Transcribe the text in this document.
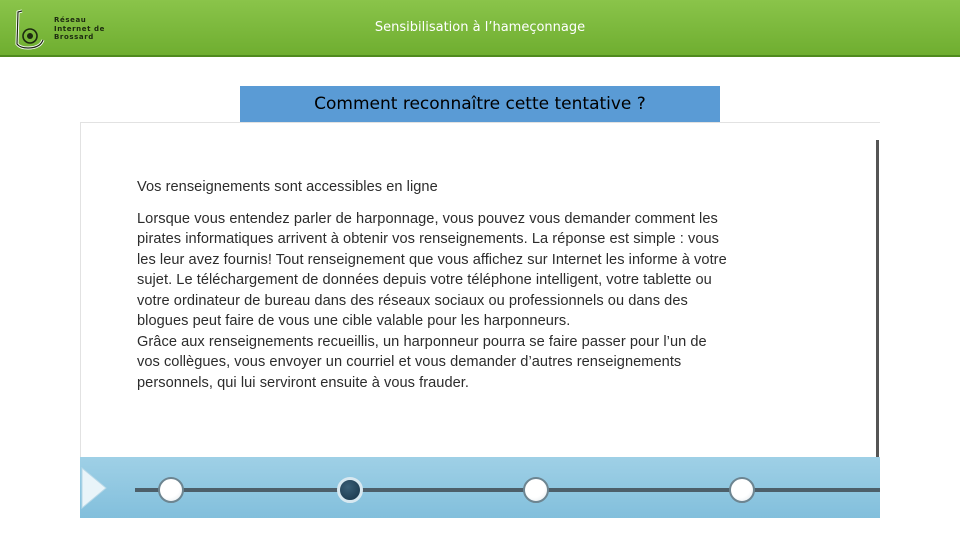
Réseau
Internet de
Brossard
Sensibilisation à l’hameçonnage
Comment reconnaître cette tentative ?
Vos renseignements sont accessibles en ligne
Lorsque vous entendez parler de harponnage, vous pouvez vous demander comment les
pirates informatiques arrivent à obtenir vos renseignements. La réponse est simple : vous
les leur avez fournis! Tout renseignement que vous affichez sur Internet les informe à votre
sujet. Le téléchargement de données depuis votre téléphone intelligent, votre tablette ou
votre ordinateur de bureau dans des réseaux sociaux ou professionnels ou dans des
blogues peut faire de vous une cible valable pour les harponneurs.
Grâce aux renseignements recueillis, un harponneur pourra se faire passer pour l’un de
vos collègues, vous envoyer un courriel et vous demander d’autres renseignements
personnels, qui lui serviront ensuite à vous frauder.
